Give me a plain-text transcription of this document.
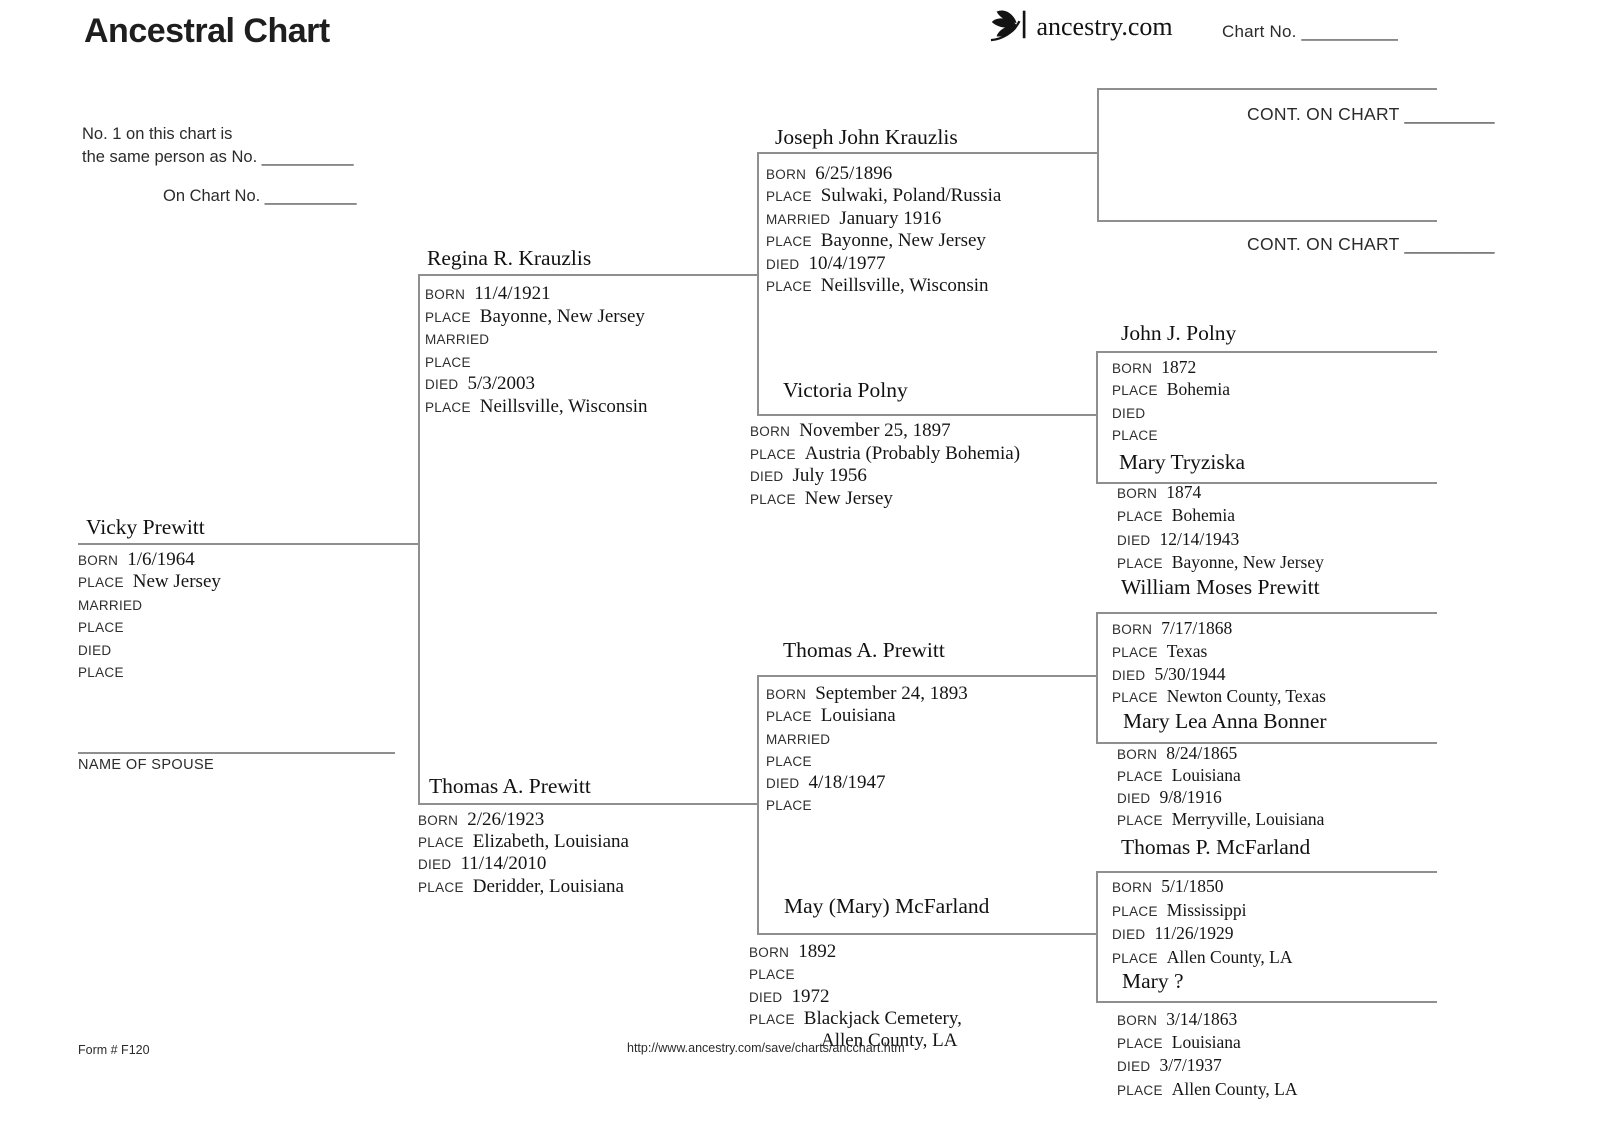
Ancestral Chart
No. 1 on this chart is
the same person as No. __________
On Chart No. __________
ancestry.com	Chart No. __________
CONT. ON CHART _________
CONT. ON CHART _________
Vicky Prewitt
BORN 1/6/1964
PLACE New Jersey
MARRIED
PLACE
DIED
PLACE
NAME OF SPOUSE
Regina R. Krauzlis
BORN 11/4/1921
PLACE Bayonne, New Jersey
MARRIED
PLACE
DIED 5/3/2003
PLACE Neillsville, Wisconsin
Thomas A. Prewitt
BORN 2/26/1923
PLACE Elizabeth, Louisiana
DIED 11/14/2010
PLACE Deridder, Louisiana
Joseph John Krauzlis
BORN 6/25/1896
PLACE Sulwaki, Poland/Russia
MARRIED January 1916
PLACE Bayonne, New Jersey
DIED 10/4/1977
PLACE Neillsville, Wisconsin
Victoria Polny
BORN November 25, 1897
PLACE Austria (Probably Bohemia)
DIED July 1956
PLACE New Jersey
Thomas A. Prewitt
BORN September 24, 1893
PLACE Louisiana
MARRIED
PLACE
DIED 4/18/1947
PLACE
May (Mary) McFarland
BORN 1892
PLACE
DIED 1972
PLACE Blackjack Cemetery,
Allen County, LA
John J. Polny
BORN 1872
PLACE Bohemia
DIED
PLACE
Mary Tryziska
BORN 1874
PLACE Bohemia
DIED 12/14/1943
PLACE Bayonne, New Jersey
William Moses Prewitt
BORN 7/17/1868
PLACE Texas
DIED 5/30/1944
PLACE Newton County, Texas
Mary Lea Anna Bonner
BORN 8/24/1865
PLACE Louisiana
DIED 9/8/1916
PLACE Merryville, Louisiana
Thomas P. McFarland
BORN 5/1/1850
PLACE Mississippi
DIED 11/26/1929
PLACE Allen County, LA
Mary ?
BORN 3/14/1863
PLACE Louisiana
DIED 3/7/1937
PLACE Allen County, LA
Form # F120	http://www.ancestry.com/save/charts/ancchart.htm
